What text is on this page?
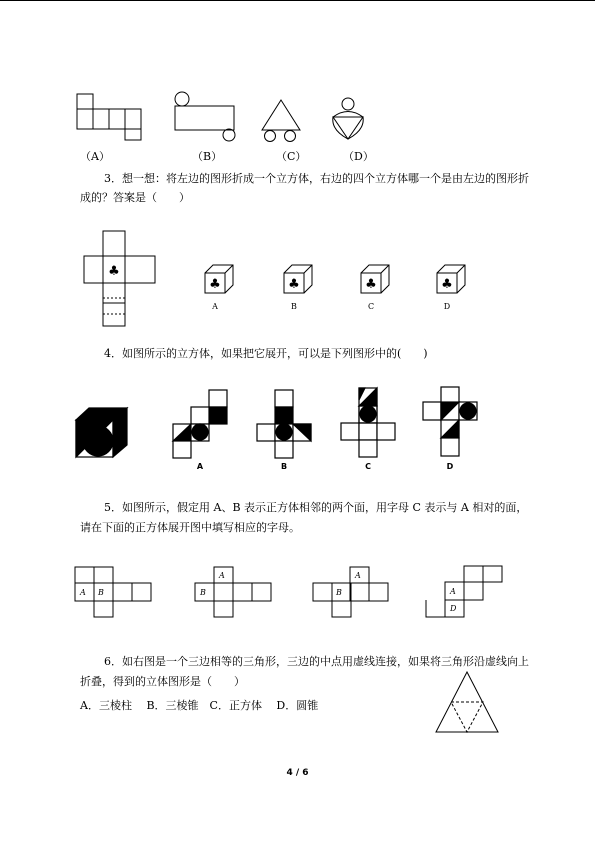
（A）	（B）	（C）	（D）
3．想一想：将左边的图形折成一个立方体，右边的四个立方体哪一个是由左边的图形折
成的？答案是（　　）
♣
♣	♣	♣	♣
A	B	C	D
4．如图所示的立方体，如果把它展开，可以是下列图形中的(　　)
A	B	C	D
5．如图所示，假定用 A、B 表示正方体相邻的两个面，用字母 C 表示与 A 相对的面，
请在下面的正方体展开图中填写相应的字母。
A B
A
B
A
B	A
D
6．如右图是一个三边相等的三角形，三边的中点用虚线连接，如果将三角形沿虚线向上
折叠，得到的立体图形是（　　）
A．三棱柱　 B．三棱锥　C．正方体　 D．圆锥
4 / 6
